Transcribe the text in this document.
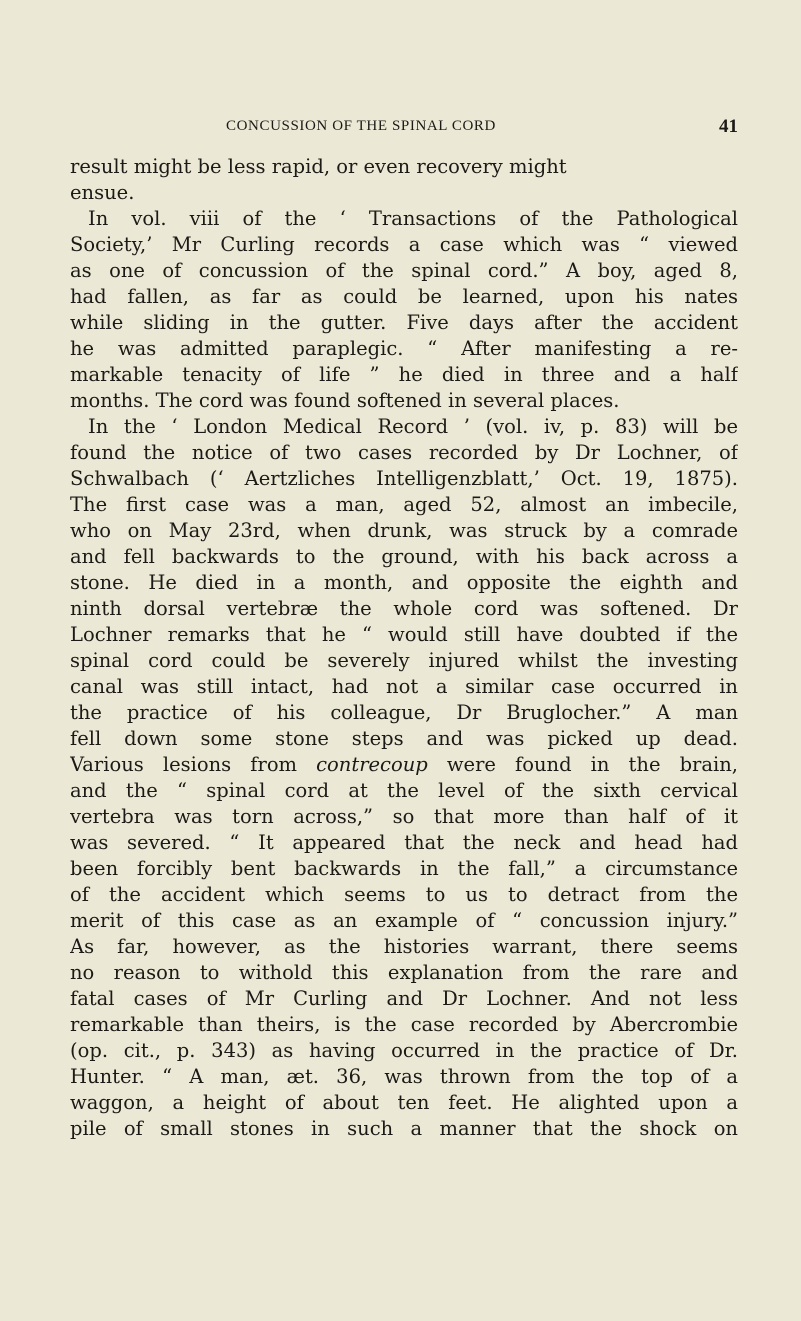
CONCUSSION OF THE SPINAL CORD	41
result might be less rapid, or even recovery might
ensue.
In vol. viii of the ‘ Transactions of the Pathological
Society,’ Mr Curling records a case which was “ viewed
as one of concussion of the spinal cord.” A boy, aged 8,
had fallen, as far as could be learned, upon his nates
while sliding in the gutter. Five days after the accident
he was admitted paraplegic. “ After manifesting a re-
markable tenacity of life ” he died in three and a half
months. The cord was found softened in several places.
In the ‘ London Medical Record ’ (vol. iv, p. 83) will be
found the notice of two cases recorded by Dr Lochner, of
Schwalbach (‘ Aertzliches Intelligenzblatt,’ Oct. 19, 1875).
The first case was a man, aged 52, almost an imbecile,
who on May 23rd, when drunk, was struck by a comrade
and fell backwards to the ground, with his back across a
stone. He died in a month, and opposite the eighth and
ninth dorsal vertebræ the whole cord was softened. Dr
Lochner remarks that he “ would still have doubted if the
spinal cord could be severely injured whilst the investing
canal was still intact, had not a similar case occurred in
the practice of his colleague, Dr Bruglocher.” A man
fell down some stone steps and was picked up dead.
Various lesions from contrecoup were found in the brain,
and the “ spinal cord at the level of the sixth cervical
vertebra was torn across,” so that more than half of it
was severed. “ It appeared that the neck and head had
been forcibly bent backwards in the fall,” a circumstance
of the accident which seems to us to detract from the
merit of this case as an example of “ concussion injury.”
As far, however, as the histories warrant, there seems
no reason to withold this explanation from the rare and
fatal cases of Mr Curling and Dr Lochner. And not less
remarkable than theirs, is the case recorded by Abercrombie
(op. cit., p. 343) as having occurred in the practice of Dr.
Hunter. “ A man, æt. 36, was thrown from the top of a
waggon, a height of about ten feet. He alighted upon a
pile of small stones in such a manner that the shock on
